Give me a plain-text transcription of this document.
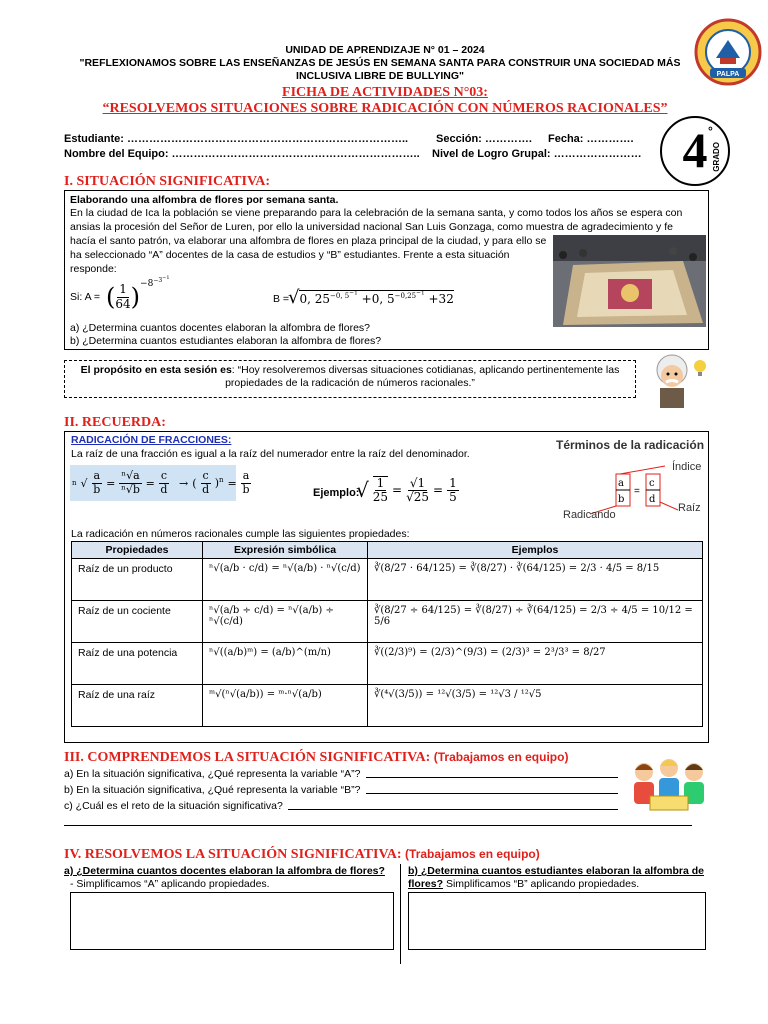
UNIDAD DE APRENDIZAJE N° 01 – 2024
"REFLEXIONAMOS SOBRE LAS ENSEÑANZAS DE JESÚS EN SEMANA SANTA PARA CONSTRUIR UNA SOCIEDAD MÁS INCLUSIVA LIBRE DE BULLYING"
FICHA DE ACTIVIDADES N°03:
“RESOLVEMOS SITUACIONES SOBRE RADICACIÓN CON NÚMEROS RACIONALES”
PALPA
Estudiante: …………………………………………………………………..
Nombre del Equipo: …………………………………………………………..
Sección: …………. Fecha: ………….
Nivel de Logro Grupal: …………………… 4 °
GRADO
I. SITUACIÓN SIGNIFICATIVA:
Elaborando una alfombra de flores por semana santa.
En la ciudad de Ica la población se viene preparando para la celebración de la semana santa, y como todos los años se espera con ansias la procesión del Señor de Luren, por ello la universidad nacional San Luis Gonzaga, como muestra de agradecimiento y fe
hacía el santo patrón, va elaborar una alfombra de flores en plaza principal de la ciudad, y para ello se ha seleccionado “A” docentes de la casa de estudios y “B” estudiantes. Frente a esta situación responde:
Si: A = ( $\frac{1}{64} )^{-8^{-3^{-1}}}$
B =
√0, $25^{-0, 5^{-1}} +0$, $5^{-0,25^{-1}} +32$
a) ¿Determina cuantos docentes elaboran la alfombra de flores?
b) ¿Determina cuantos estudiantes elaboran la alfombra de flores?
El propósito en esta sesión es: “Hoy resolveremos diversas situaciones cotidianas, aplicando pertinentemente las propiedades de la radicación de números racionales.”
II. RECUERDA:
RADICACIÓN DE FRACCIONES:
La raíz de una fracción es igual a la raíz del numerador entre la raíz del denominador.
n √ $\frac{a}{b} = \frac{\text{ⁿ√a}}{\text{ⁿ√b}} = \frac{c}{d}$ → ( $\frac{c}{d} )^n = \frac{a}{b}$	Ejemplo:
√ $\frac{1}{25} = \frac{√1}{√25} = \frac{1}{5}$
Términos de la radicación
a
b
=
c
d
Índice
Radicando
Raíz
La radicación en números racionales cumple las siguientes propiedades:
Propiedades	Expresión simbólica	Ejemplos
Raíz de un producto	ⁿ√(a/b · c/d) = ⁿ√(a/b) · ⁿ√(c/d)	∛(8/27 · 64/125) = ∛(8/27) · ∛(64/125) = 2/3 · 4/5 = 8/15
Raíz de un cociente	ⁿ√(a/b ÷ c/d) = ⁿ√(a/b) ÷ ⁿ√(c/d)	∛(8/27 ÷ 64/125) = ∛(8/27) ÷ ∛(64/125) = 2/3 ÷ 4/5 = 10/12 = 5/6
Raíz de una potencia	ⁿ√((a/b)ᵐ) = (a/b)^(m/n)	∛((2/3)⁹) = (2/3)^(9/3) = (2/3)³ = 2³/3³ = 8/27
Raíz de una raíz	ᵐ√(ⁿ√(a/b)) = ᵐ·ⁿ√(a/b)	∛(⁴√(3/5)) = ¹²√(3/5) = ¹²√3 / ¹²√5
III. COMPRENDEMOS LA SITUACIÓN SIGNIFICATIVA: (Trabajamos en equipo)
a) En la situación significativa, ¿Qué representa la variable “A”?
b) En la situación significativa, ¿Qué representa la variable “B”?
c) ¿Cuál es el reto de la situación significativa?
IV. RESOLVEMOS LA SITUACIÓN SIGNIFICATIVA: (Trabajamos en equipo)
a) ¿Determina cuantos docentes elaboran la alfombra de flores?
- Simplificamos “A” aplicando propiedades.
b) ¿Determina cuantos estudiantes elaboran la alfombra de flores? Simplificamos “B” aplicando propiedades.
